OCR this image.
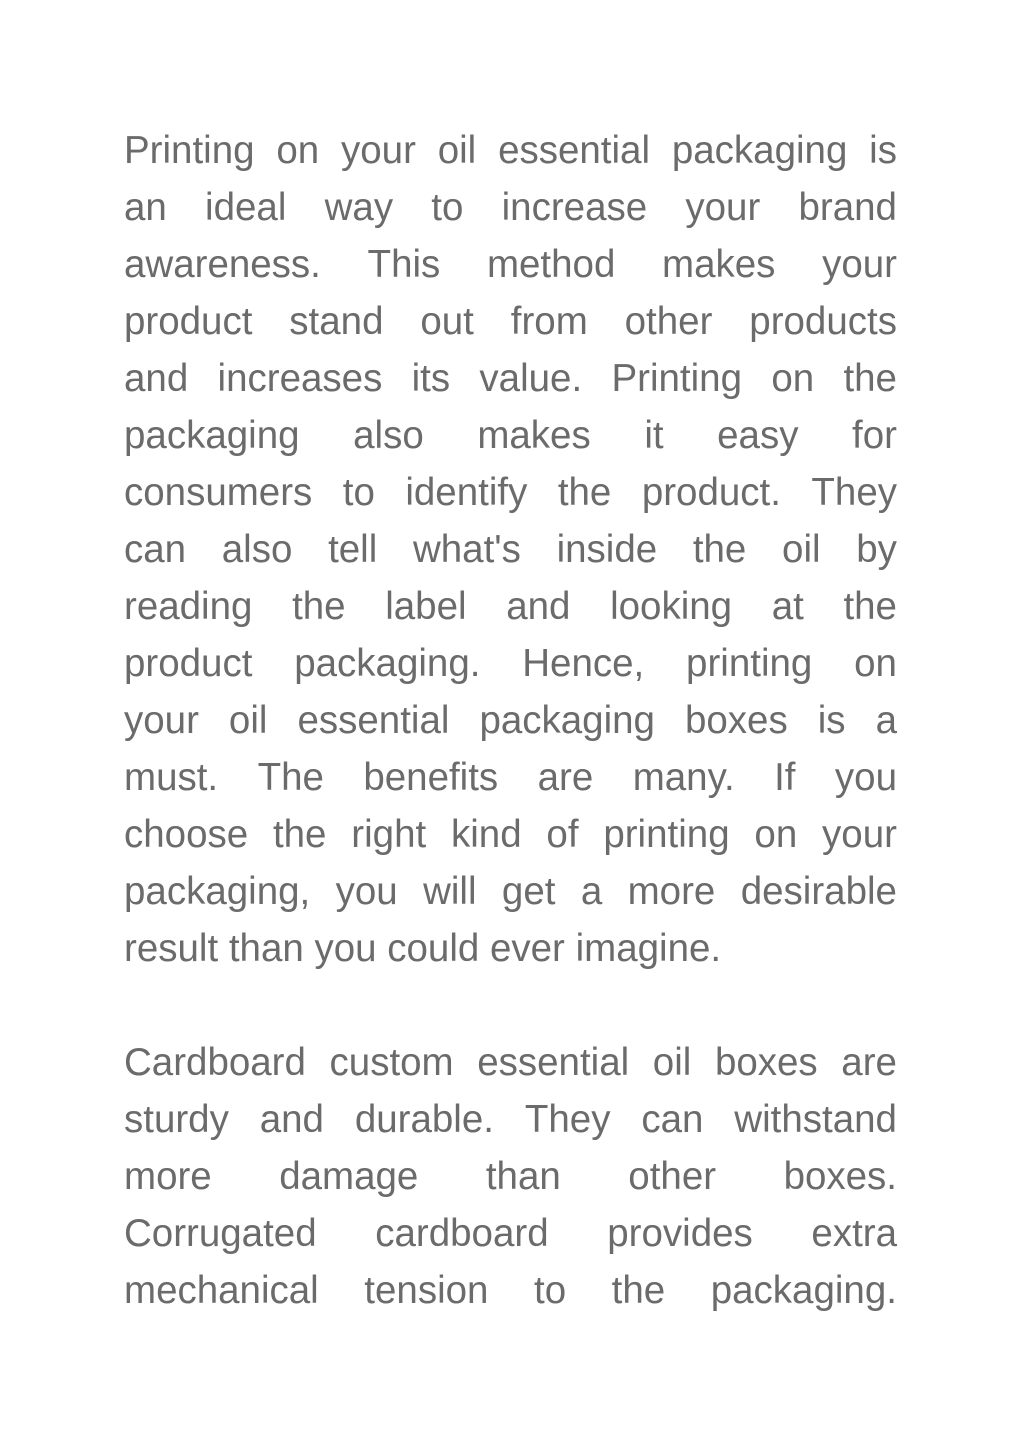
Printing on your oil essential packaging is
an ideal way to increase your brand
awareness. This method makes your
product stand out from other products
and increases its value. Printing on the
packaging also makes it easy for
consumers to identify the product. They
can also tell what's inside the oil by
reading the label and looking at the
product packaging. Hence, printing on
your oil essential packaging boxes is a
must. The benefits are many. If you
choose the right kind of printing on your
packaging, you will get a more desirable
result than you could ever imagine.
Cardboard custom essential oil boxes are
sturdy and durable. They can withstand
more damage than other boxes.
Corrugated cardboard provides extra
mechanical tension to the packaging.
